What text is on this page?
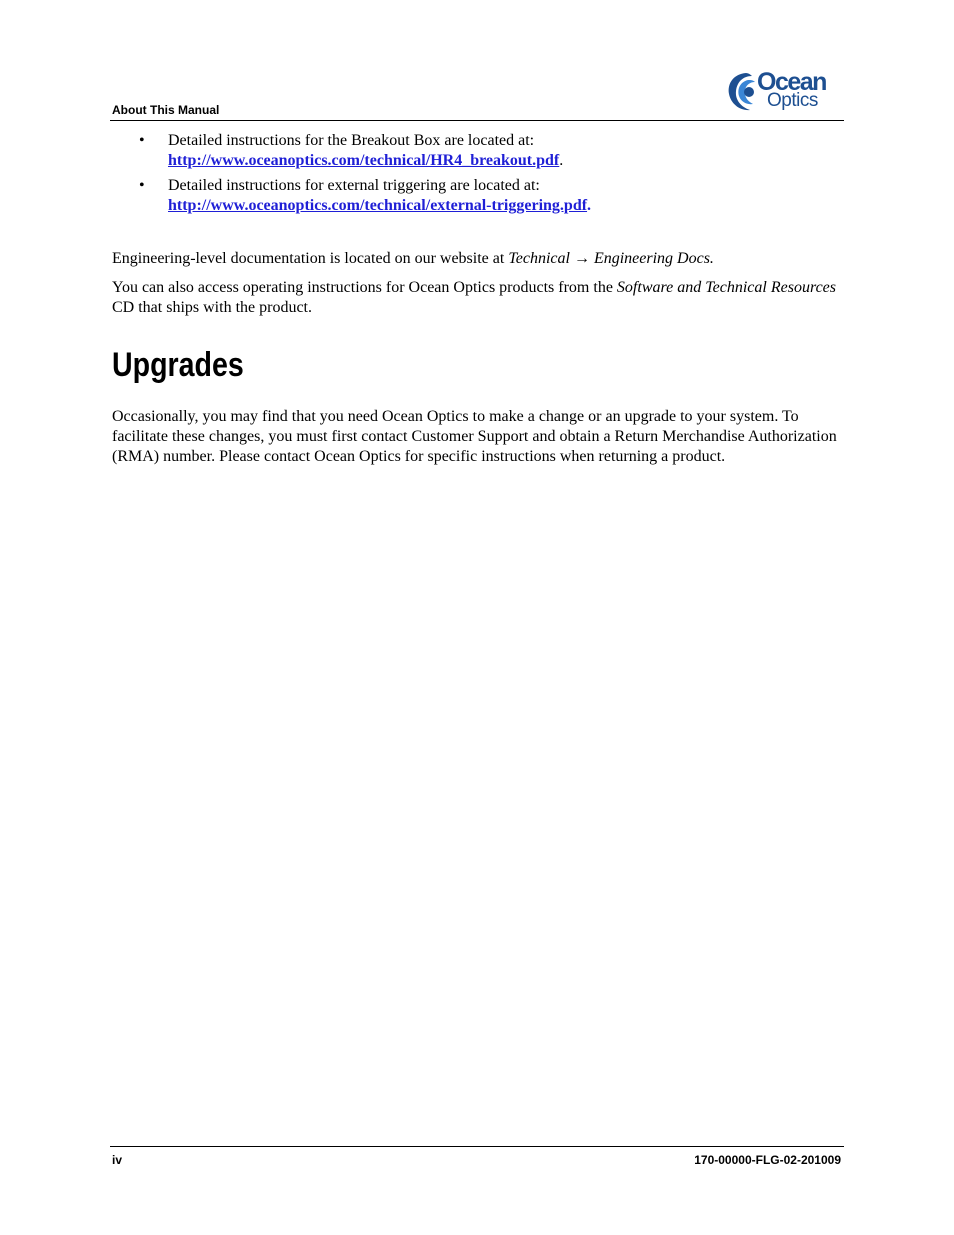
About This Manual
Ocean
Optics
• Detailed instructions for the Breakout Box are located at:
http://www.oceanoptics.com/technical/HR4_breakout.pdf.
• Detailed instructions for external triggering are located at:
http://www.oceanoptics.com/technical/external-triggering.pdf.

Engineering-level documentation is located on our website at Technical → Engineering Docs.

You can also access operating instructions for Ocean Optics products from the Software and Technical Resources CD that ships with the product.

Upgrades

Occasionally, you may find that you need Ocean Optics to make a change or an upgrade to your system. To facilitate these changes, you must first contact Customer Support and obtain a Return Merchandise Authorization (RMA) number. Please contact Ocean Optics for specific instructions when returning a product.

iv	170-00000-FLG-02-201009
